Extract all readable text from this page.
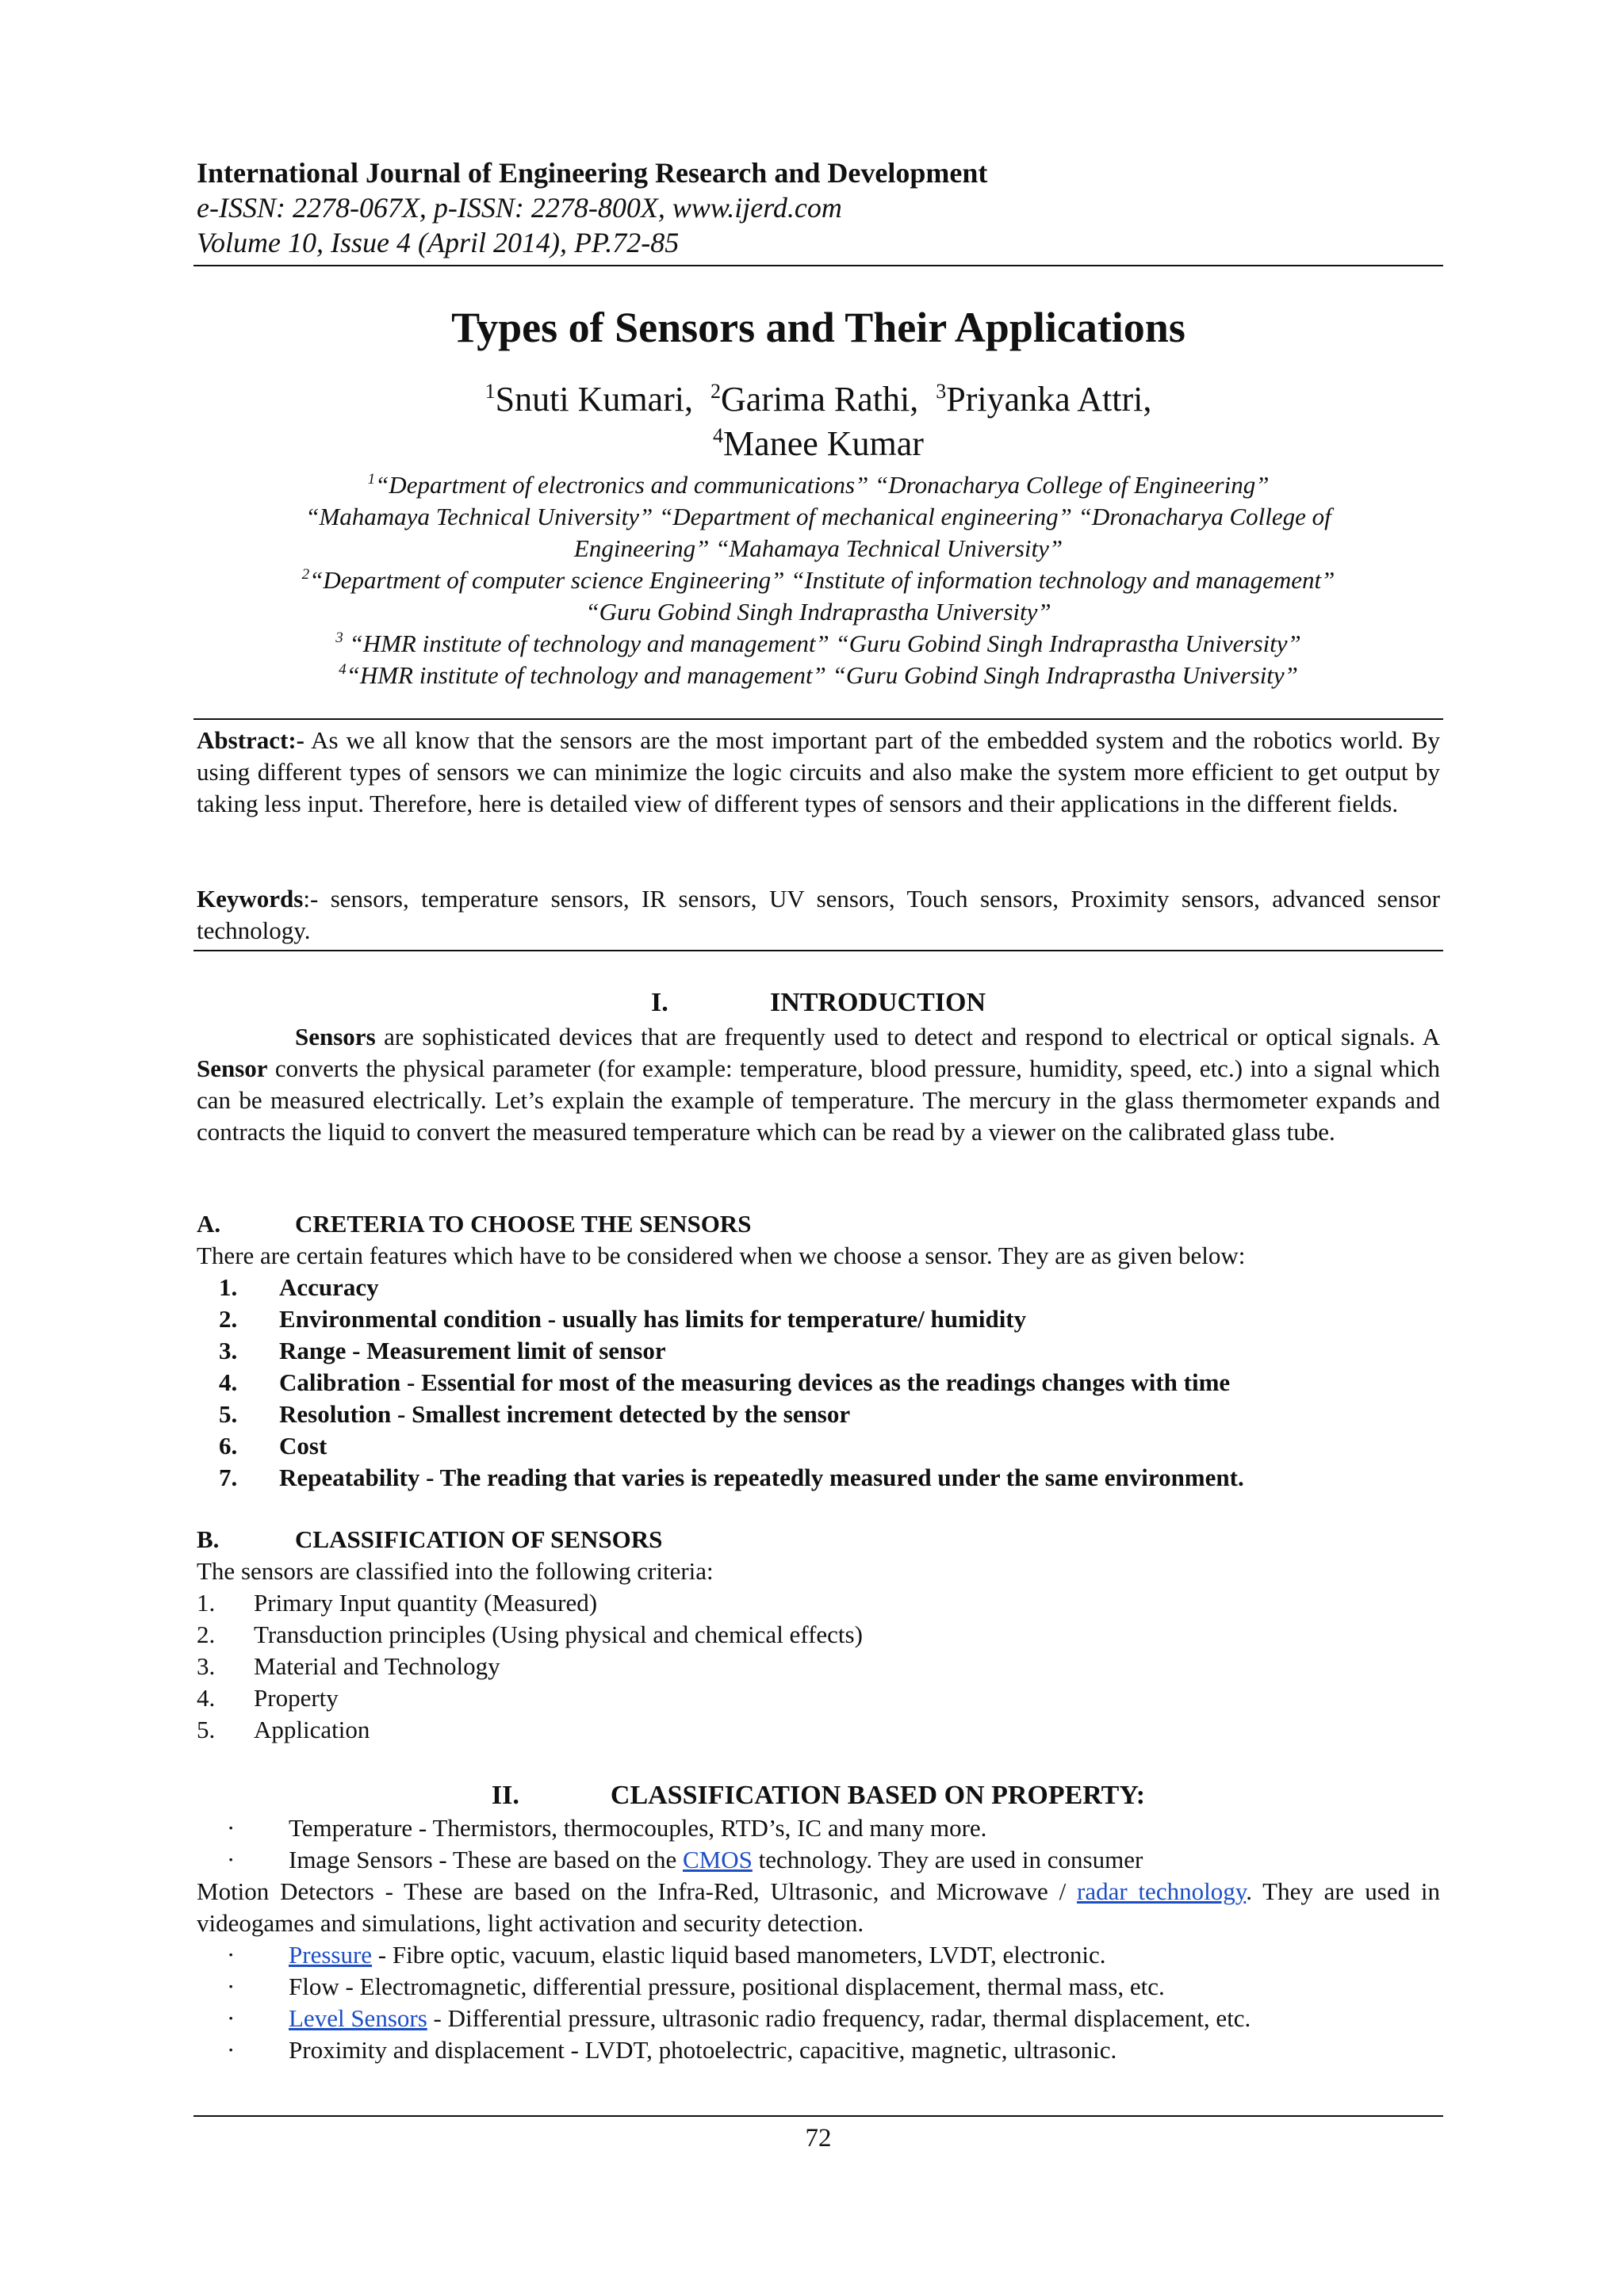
International Journal of Engineering Research and Development
e-ISSN: 2278-067X, p-ISSN: 2278-800X, www.ijerd.com
Volume 10, Issue 4 (April 2014), PP.72-85
Types of Sensors and Their Applications
$^1$Snuti Kumari, $^2$Garima Rathi, $^3$Priyanka Attri,
$^4$Manee Kumar
$^1$“Department of electronics and communications” “Dronacharya College of Engineering”
“Mahamaya Technical University” “Department of mechanical engineering” “Dronacharya College of
Engineering” “Mahamaya Technical University”
$^2$“Department of computer science Engineering” “Institute of information technology and management”
“Guru Gobind Singh Indraprastha University”
$^3$ “HMR institute of technology and management” “Guru Gobind Singh Indraprastha University”
$^4$“HMR institute of technology and management” “Guru Gobind Singh Indraprastha University”
Abstract:- As we all know that the sensors are the most important part of the embedded system and the robotics world. By using different types of sensors we can minimize the logic circuits and also make the system more efficient to get output by taking less input. Therefore, here is detailed view of different types of sensors and their applications in the different fields.
Keywords:- sensors, temperature sensors, IR sensors, UV sensors, Touch sensors, Proximity sensors, advanced sensor technology.
I.	INTRODUCTION
Sensors are sophisticated devices that are frequently used to detect and respond to electrical or optical signals. A Sensor converts the physical parameter (for example: temperature, blood pressure, humidity, speed, etc.) into a signal which can be measured electrically. Let’s explain the example of temperature. The mercury in the glass thermometer expands and contracts the liquid to convert the measured temperature which can be read by a viewer on the calibrated glass tube.
A.	CRETERIA TO CHOOSE THE SENSORS
There are certain features which have to be considered when we choose a sensor. They are as given below:
1. Accuracy
2. Environmental condition - usually has limits for temperature/ humidity
3. Range - Measurement limit of sensor
4. Calibration - Essential for most of the measuring devices as the readings changes with time
5. Resolution - Smallest increment detected by the sensor
6. Cost
7. Repeatability - The reading that varies is repeatedly measured under the same environment.
B.	CLASSIFICATION OF SENSORS
The sensors are classified into the following criteria:
1. Primary Input quantity (Measured)
2. Transduction principles (Using physical and chemical effects)
3. Material and Technology
4. Property
5. Application
II.	CLASSIFICATION BASED ON PROPERTY:
· Temperature - Thermistors, thermocouples, RTD’s, IC and many more.
· Image Sensors - These are based on the CMOS technology. They are used in consumer
Motion Detectors - These are based on the Infra-Red, Ultrasonic, and Microwave / radar technology. They are used in videogames and simulations, light activation and security detection.
· Pressure - Fibre optic, vacuum, elastic liquid based manometers, LVDT, electronic.
· Flow - Electromagnetic, differential pressure, positional displacement, thermal mass, etc.
· Level Sensors - Differential pressure, ultrasonic radio frequency, radar, thermal displacement, etc.
· Proximity and displacement - LVDT, photoelectric, capacitive, magnetic, ultrasonic.
72
